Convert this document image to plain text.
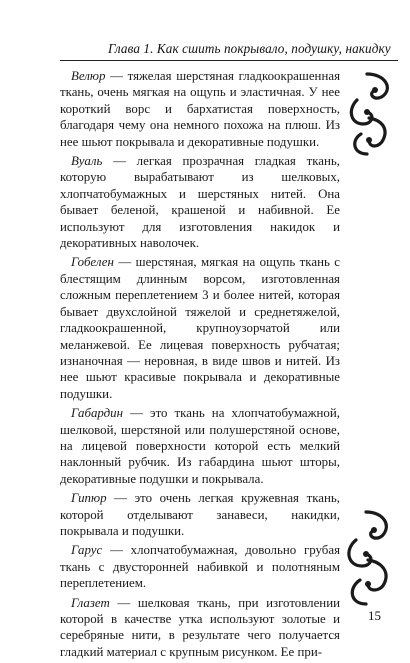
Глава 1. Как сшить покрывало, подушку, накидку

Велюр — тяжелая шерстяная гладкоокрашенная ткань, очень мягкая на ощупь и эластичная. У нее короткий ворс и бархатистая поверхность, благодаря чему она немного похожа на плюш. Из нее шьют покрывала и декоративные подушки.

Вуаль — легкая прозрачная гладкая ткань, которую вырабатывают из шелковых, хлопчатобумажных и шерстяных нитей. Она бывает беленой, крашеной и набивной. Ее используют для изготовления накидок и декоративных наволочек.

Гобелен — шерстяная, мягкая на ощупь ткань с блестящим длинным ворсом, изготовленная сложным переплетением 3 и более нитей, которая бывает двухслойной тяжелой и среднетяжелой, гладкоокрашенной, крупноузорчатой или меланжевой. Ее лицевая поверхность рубчатая; изнаночная — неровная, в виде швов и нитей. Из нее шьют красивые покрывала и декоративные подушки.

Габардин — это ткань на хлопчатобумажной, шелковой, шерстяной или полушерстяной основе, на лицевой поверхности которой есть мелкий наклонный рубчик. Из габардина шьют шторы, декоративные подушки и покрывала.

Гипюр — это очень легкая кружевная ткань, которой отделывают занавеси, накидки, покрывала и подушки.

Гарус — хлопчатобумажная, довольно грубая ткань с двусторонней набивкой и полотняным переплетением.

Глазет — шелковая ткань, при изготовлении которой в качестве утка используют золотые и серебряные нити, в результате чего получается гладкий материал с крупным рисунком. Ее при-

15
